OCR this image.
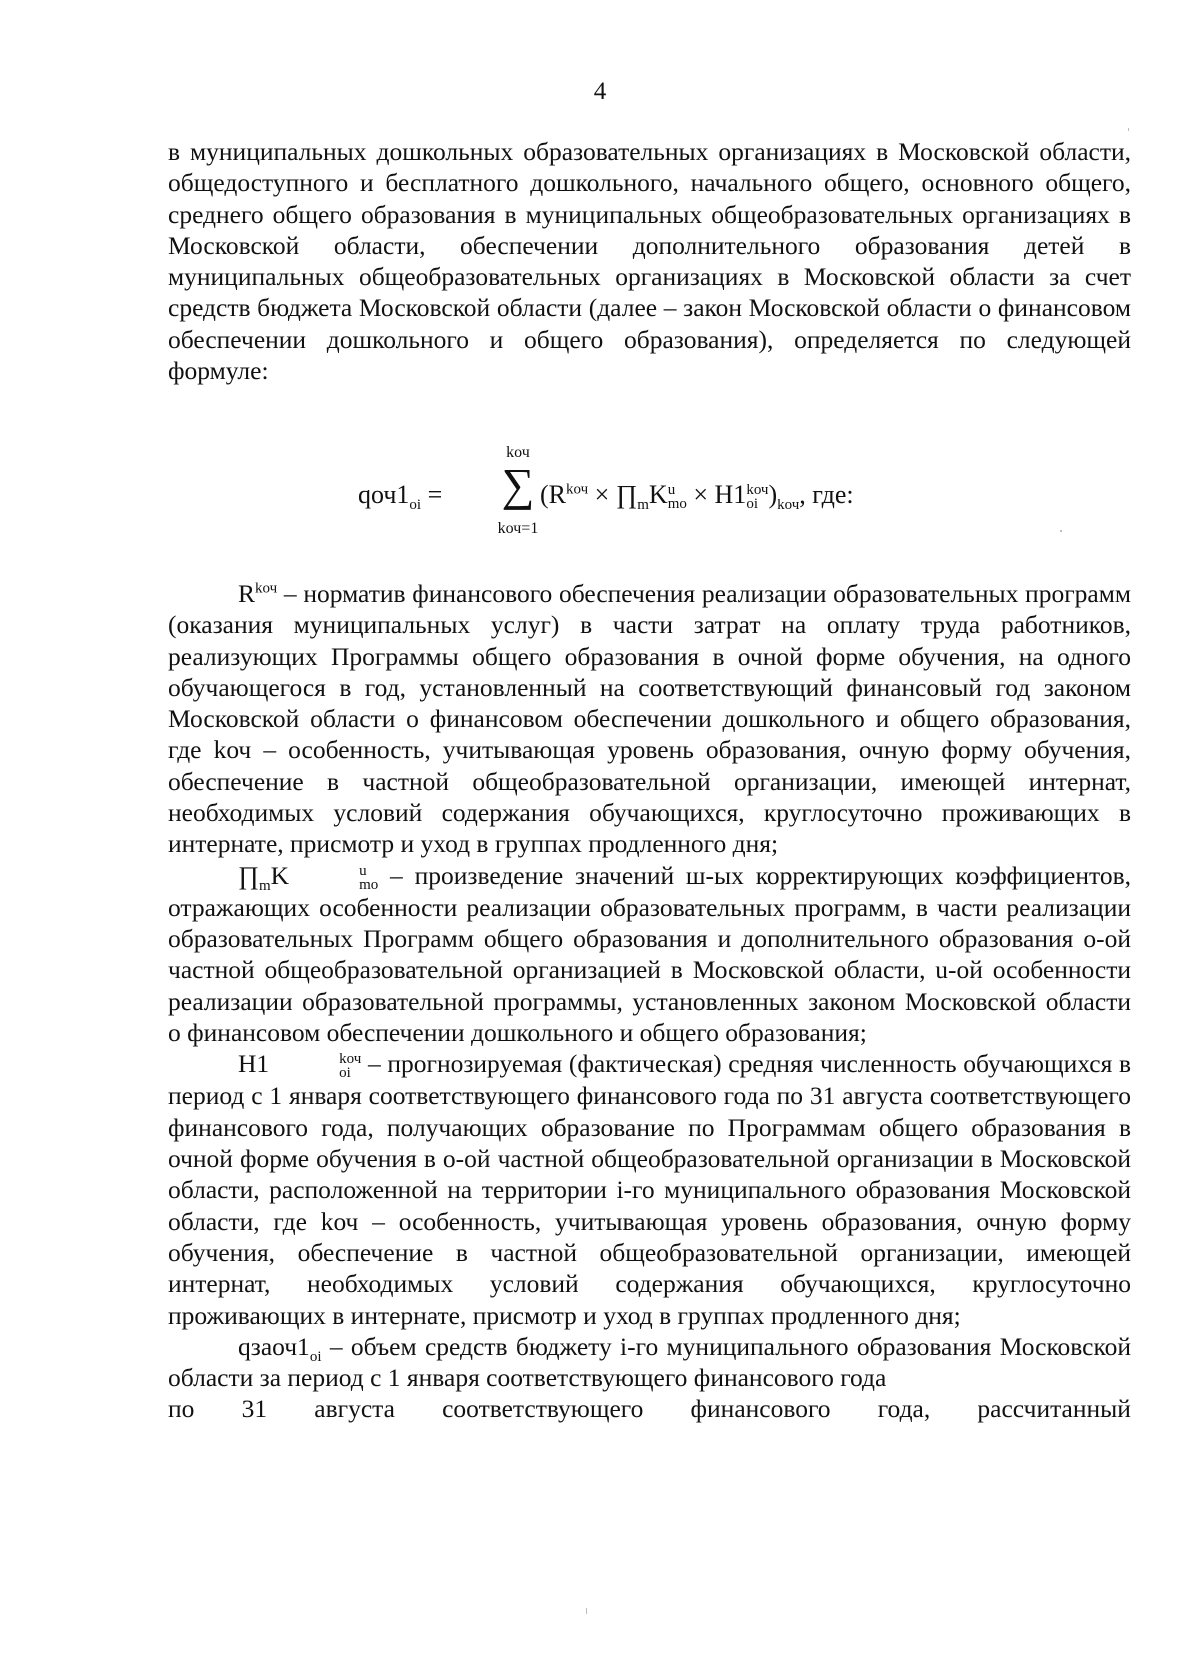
4

в муниципальных дошкольных образовательных организациях в Московской области, общедоступного и бесплатного дошкольного, начального общего, основного общего, среднего общего образования в муниципальных общеобразовательных организациях в Московской области, обеспечении дополнительного образования детей в муниципальных общеобразовательных организациях в Московской области за счет средств бюджета Московской области (далее – закон Московской области о финансовом обеспечении дошкольного и общего образования), определяется по следующей формуле:

$qоч1_{oi}$ =
kоч
∑
kоч=1
($R^{kоч}$ × $\prod_mK$ u
mo × Н1 kоч
oi )$_{kоч}$, где:

$R^{kоч}$ – норматив финансового обеспечения реализации образовательных программ (оказания муниципальных услуг) в части затрат на оплату труда работников, реализующих Программы общего образования в очной форме обучения, на одного обучающегося в год, установленный на соответствующий финансовый год законом Московской области о финансовом обеспечении дошкольного и общего образования, где kоч – особенность, учитывающая уровень образования, очную форму обучения, обеспечение в частной общеобразовательной организации, имеющей интернат, необходимых условий содержания обучающихся, круглосуточно проживающих в интернате, присмотр и уход в группах продленного дня;

$\prod_mK$	u
mo – произведение значений ш-ых корректирующих коэффициентов, отражающих особенности реализации образовательных программ, в части реализации образовательных Программ общего образования и дополнительного образования о-ой частной общеобразовательной организацией в Московской области, u-ой особенности реализации образовательной программы, установленных законом Московской области о финансовом обеспечении дошкольного и общего образования;

Н1	kоч
oi – прогнозируемая (фактическая) средняя численность обучающихся в период с 1 января соответствующего финансового года по 31 августа соответствующего финансового года, получающих образование по Программам общего образования в очной форме обучения в о-ой частной общеобразовательной организации в Московской области, расположенной на территории i-го муниципального образования Московской области, где kоч – особенность, учитывающая уровень образования, очную форму обучения, обеспечение в частной общеобразовательной организации, имеющей интернат, необходимых условий содержания обучающихся, круглосуточно проживающих в интернате, присмотр и уход в группах продленного дня;

$qзаоч1_{oi}$ – объем средств бюджету i-го муниципального образования Московской области за период с 1 января соответствующего финансового года

по 31 августа соответствующего финансового года, рассчитанный
